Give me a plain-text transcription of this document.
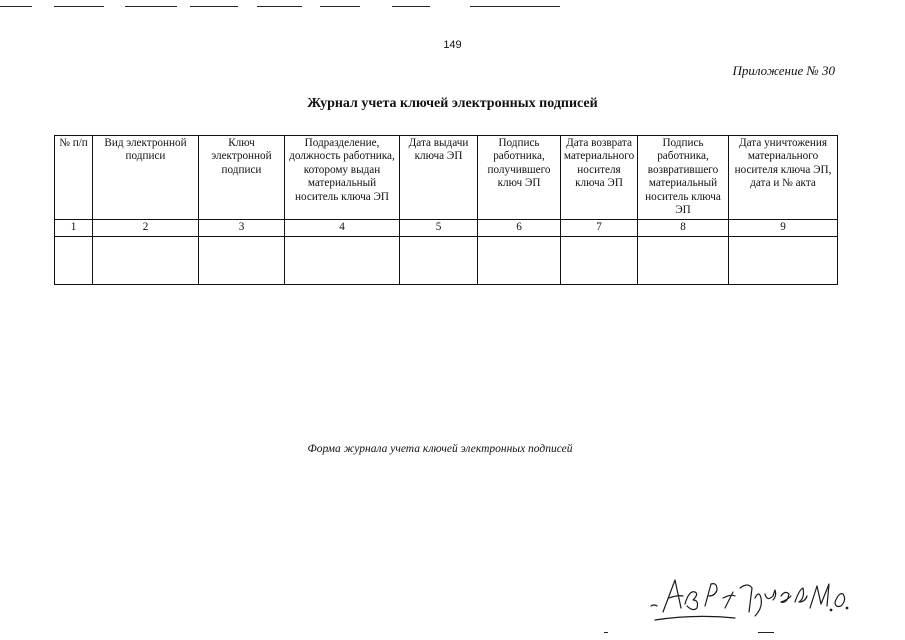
149
Приложение № 30
Журнал учета ключей электронных подписей
№ п/п	Вид электронной подписи	Ключ электронной подписи	Подразделение, должность работника, которому выдан материальный носитель ключа ЭП	Дата выдачи ключа ЭП	Подпись работника, получившего ключ ЭП	Дата возврата материального носителя ключа ЭП	Подпись работника, возвратившего материальный носитель ключа ЭП	Дата уничтожения материального носителя ключа ЭП, дата и № акта
1	2	3	4	5	6	7	8	9

Форма журнала учета ключей электронных подписей
